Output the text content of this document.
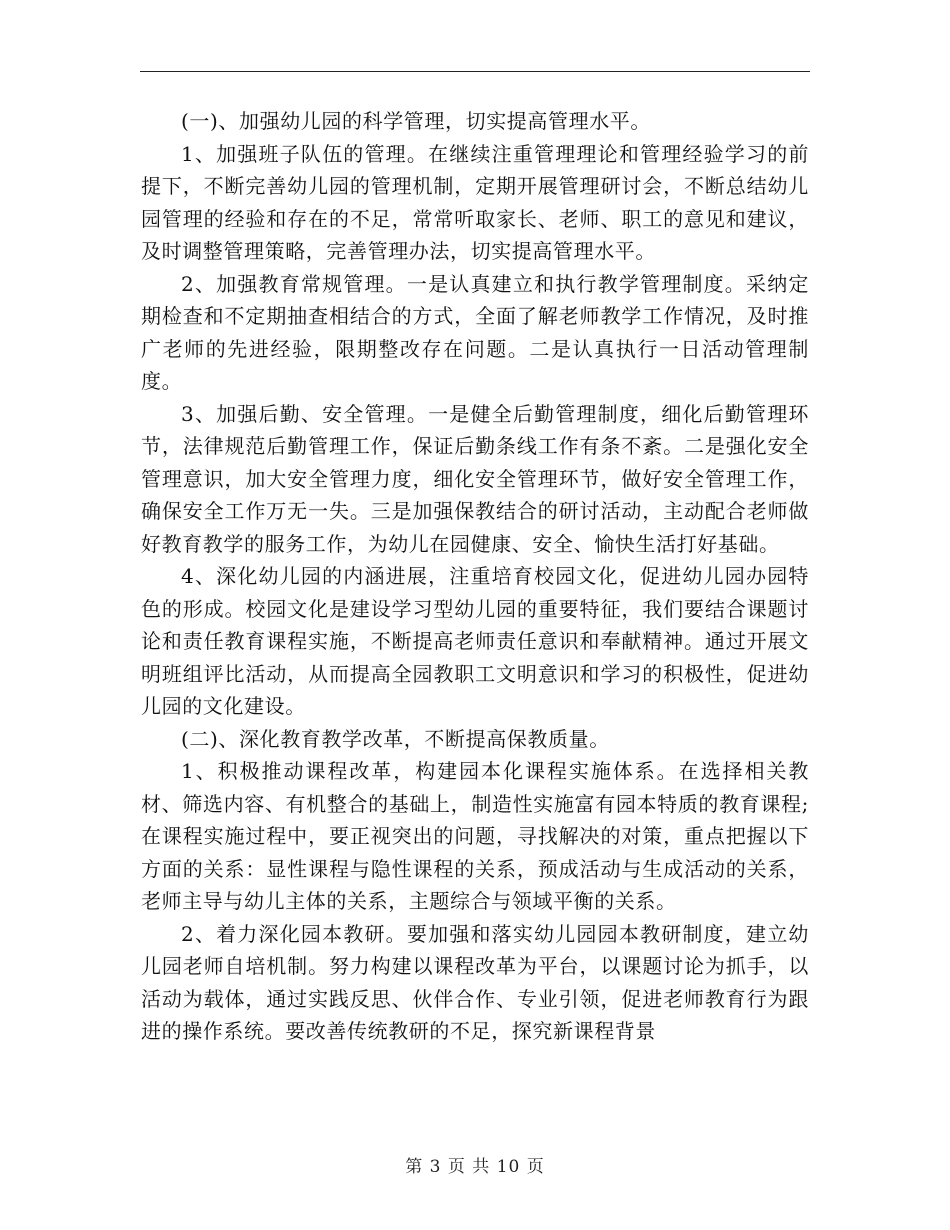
(一)、加强幼儿园的科学管理，切实提高管理水平。

1、加强班子队伍的管理。在继续注重管理理论和管理经验学习的前提下，不断完善幼儿园的管理机制，定期开展管理研讨会，不断总结幼儿园管理的经验和存在的不足，常常听取家长、老师、职工的意见和建议，及时调整管理策略，完善管理办法，切实提高管理水平。

2、加强教育常规管理。一是认真建立和执行教学管理制度。采纳定期检查和不定期抽查相结合的方式，全面了解老师教学工作情况，及时推广老师的先进经验，限期整改存在问题。二是认真执行一日活动管理制度。

3、加强后勤、安全管理。一是健全后勤管理制度，细化后勤管理环节，法律规范后勤管理工作，保证后勤条线工作有条不紊。二是强化安全管理意识，加大安全管理力度，细化安全管理环节，做好安全管理工作，确保安全工作万无一失。三是加强保教结合的研讨活动，主动配合老师做好教育教学的服务工作，为幼儿在园健康、安全、愉快生活打好基础。

4、深化幼儿园的内涵进展，注重培育校园文化，促进幼儿园办园特色的形成。校园文化是建设学习型幼儿园的重要特征，我们要结合课题讨论和责任教育课程实施，不断提高老师责任意识和奉献精神。通过开展文明班组评比活动，从而提高全园教职工文明意识和学习的积极性，促进幼儿园的文化建设。

(二)、深化教育教学改革，不断提高保教质量。

1、积极推动课程改革，构建园本化课程实施体系。在选择相关教材、筛选内容、有机整合的基础上，制造性实施富有园本特质的教育课程;在课程实施过程中，要正视突出的问题，寻找解决的对策，重点把握以下方面的关系：显性课程与隐性课程的关系，预成活动与生成活动的关系，老师主导与幼儿主体的关系，主题综合与领域平衡的关系。

2、着力深化园本教研。要加强和落实幼儿园园本教研制度，建立幼儿园老师自培机制。努力构建以课程改革为平台，以课题讨论为抓手，以活动为载体，通过实践反思、伙伴合作、专业引领，促进老师教育行为跟进的操作系统。要改善传统教研的不足，探究新课程背景

第 3 页 共 10 页
